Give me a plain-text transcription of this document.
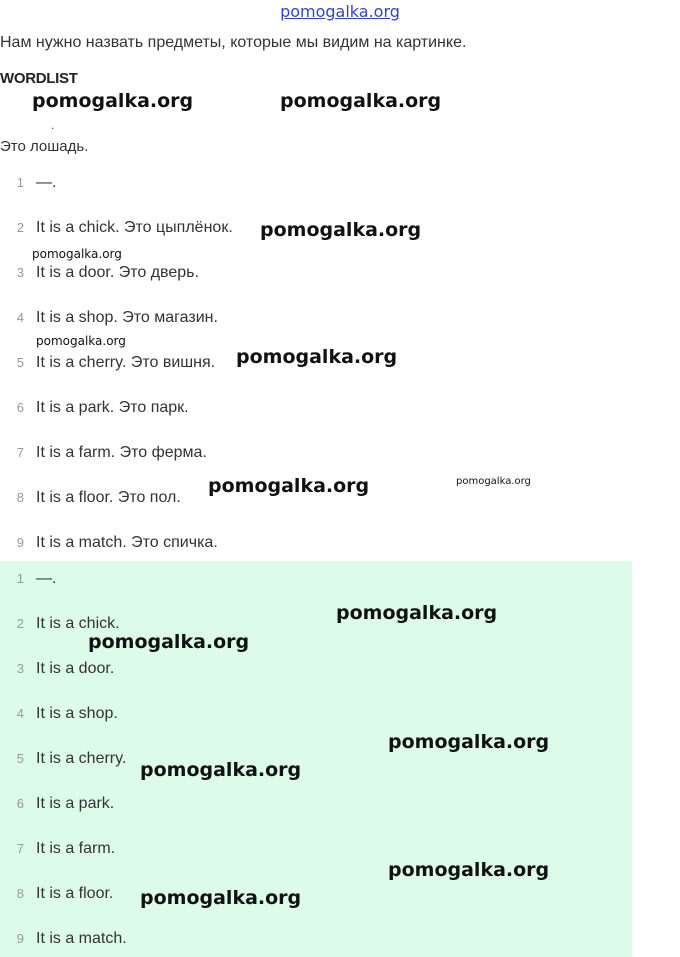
pomogalka.org
Нам нужно назвать предметы, которые мы видим на картинке.
WORDLIST
.
Это лошадь.
1 —.
2 It is a chick. Это цыплёнок.
3 It is a door. Это дверь.
4 It is a shop. Это магазин.
5 It is a cherry. Это вишня.
6 It is a park. Это парк.
7 It is a farm. Это ферма.
8 It is a floor. Это пол.
9 It is a match. Это спичка.
1 —.
2 It is a chick.
3 It is a door.
4 It is a shop.
5 It is a cherry.
6 It is a park.
7 It is a farm.
8 It is a floor.
9 It is a match.
pomogalka.org	pomogalka.org
pomogalka.org
pomogalka.org
pomogalka.org
pomogalka.org
pomogalka.org	pomogalka.org
pomogalka.org
pomogalka.org
pomogalka.org
pomogalka.org
pomogalka.org
pomogalka.org
